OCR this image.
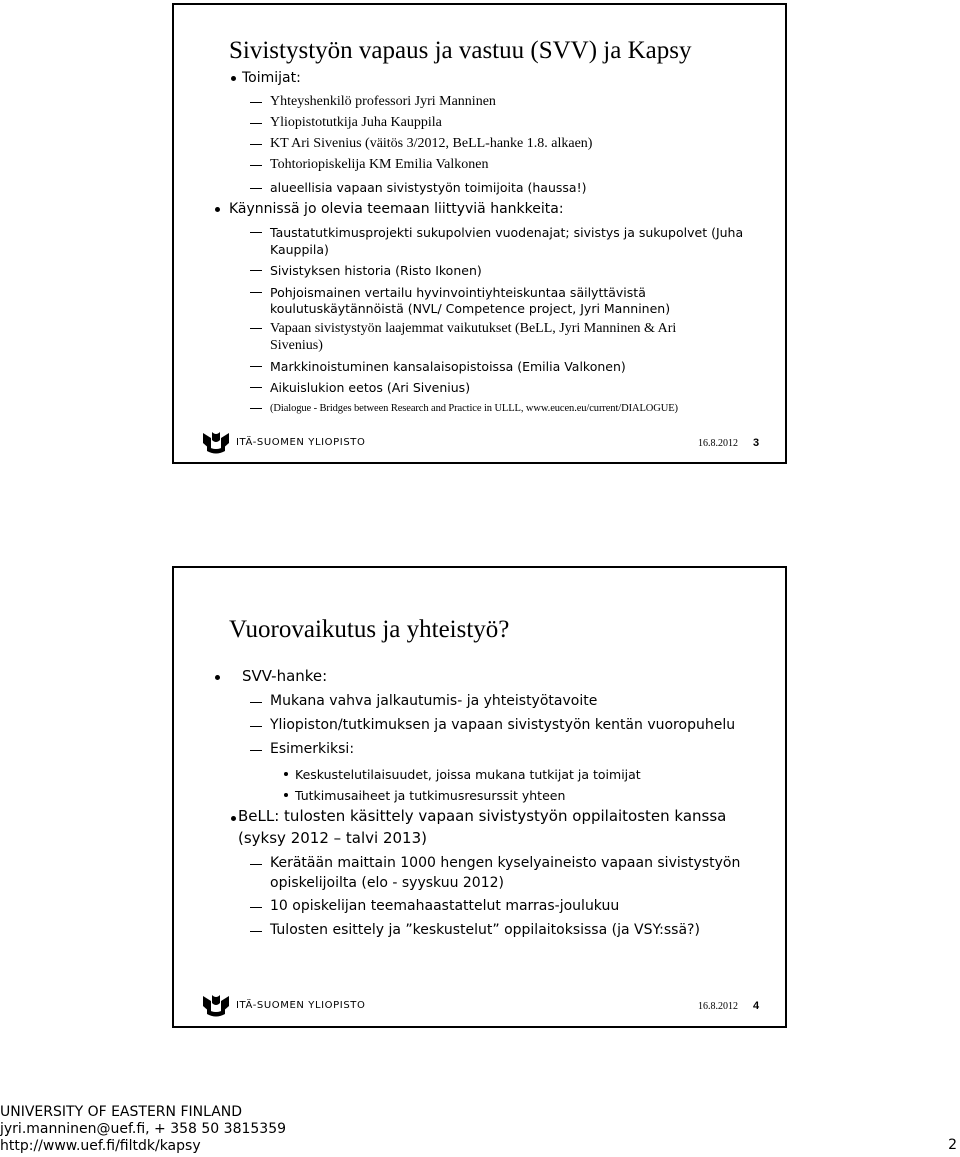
Sivistystyön vapaus ja vastuu (SVV) ja Kapsy
Toimijat:
Yhteyshenkilö professori Jyri Manninen
Yliopistotutkija Juha Kauppila
KT Ari Sivenius (väitös 3/2012, BeLL-hanke 1.8. alkaen)
Tohtoriopiskelija KM Emilia Valkonen
alueellisia vapaan sivistystyön toimijoita (haussa!)
Käynnissä jo olevia teemaan liittyviä hankkeita:
Taustatutkimusprojekti sukupolvien vuodenajat; sivistys ja sukupolvet (Juha
Kauppila)
Sivistyksen historia (Risto Ikonen)
Pohjoismainen vertailu hyvinvointiyhteiskuntaa säilyttävistä
koulutuskäytännöistä (NVL/ Competence project, Jyri Manninen)
Vapaan sivistystyön laajemmat vaikutukset (BeLL, Jyri Manninen & Ari
Sivenius)
Markkinoistuminen kansalaisopistoissa (Emilia Valkonen)
Aikuislukion eetos (Ari Sivenius)
(Dialogue - Bridges between Research and Practice in ULLL, www.eucen.eu/current/DIALOGUE)
ITÄ-SUOMEN YLIOPISTO	16.8.2012 3
Vuorovaikutus ja yhteistyö?
SVV-hanke:
Mukana vahva jalkautumis- ja yhteistyötavoite
Yliopiston/tutkimuksen ja vapaan sivistystyön kentän vuoropuhelu
Esimerkiksi:
Keskustelutilaisuudet, joissa mukana tutkijat ja toimijat
Tutkimusaiheet ja tutkimusresurssit yhteen
BeLL: tulosten käsittely vapaan sivistystyön oppilaitosten kanssa
(syksy 2012 – talvi 2013)
Kerätään maittain 1000 hengen kyselyaineisto vapaan sivistystyön
opiskelijoilta (elo - syyskuu 2012)
10 opiskelijan teemahaastattelut marras-joulukuu
Tulosten esittely ja ”keskustelut” oppilaitoksissa (ja VSY:ssä?)
ITÄ-SUOMEN YLIOPISTO	16.8.2012 4
UNIVERSITY OF EASTERN FINLAND
jyri.manninen@uef.fi, + 358 50 3815359
http://www.uef.fi/filtdk/kapsy	2
